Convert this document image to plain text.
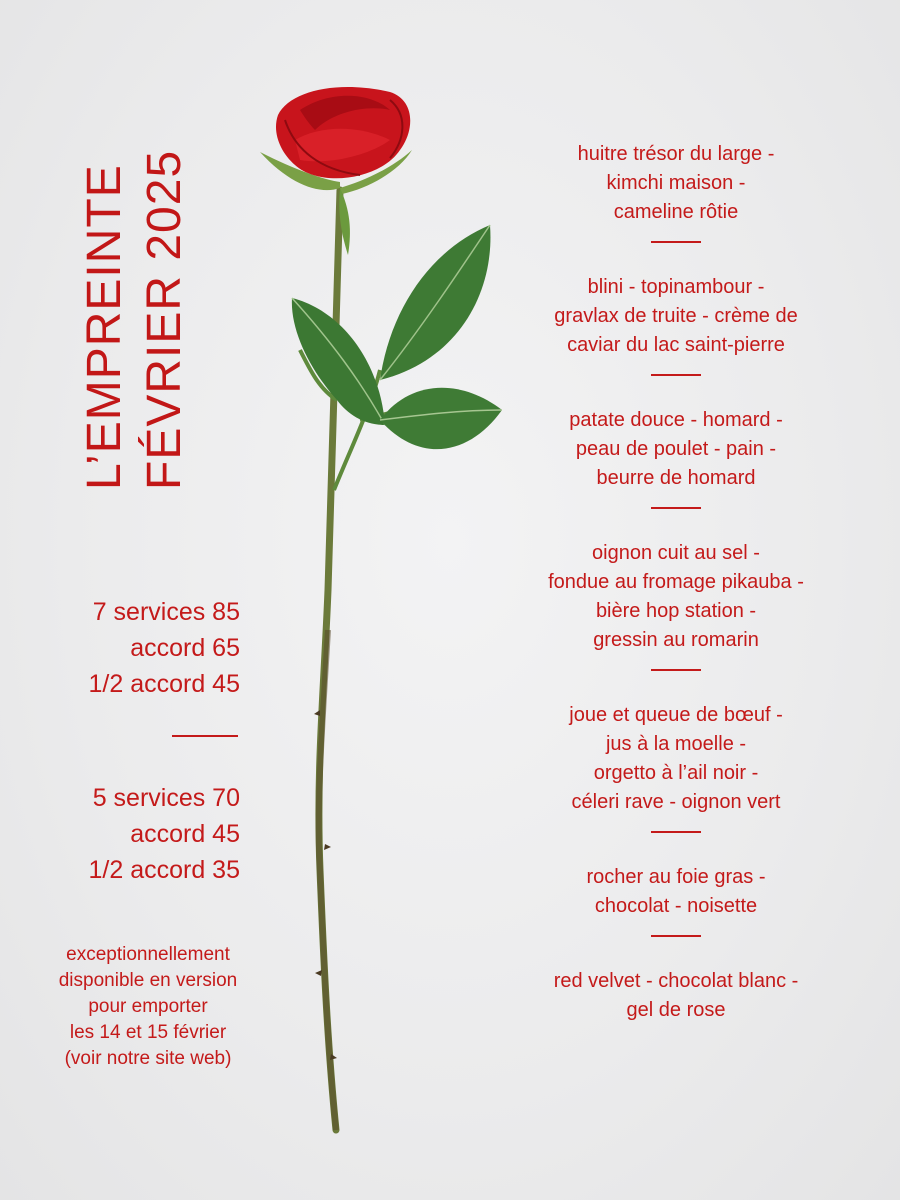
L’EMPREINTE FÉVRIER 2025
7 services 85
accord 65
1/2 accord 45
5 services 70
accord 45
1/2 accord 35
exceptionnellement
disponible en version
pour emporter
les 14 et 15 février
(voir notre site web)
huitre trésor du large -
kimchi maison -
cameline rôtie
blini - topinambour -
gravlax de truite - crème de
caviar du lac saint-pierre
patate douce - homard -
peau de poulet - pain -
beurre de homard
oignon cuit au sel -
fondue au fromage pikauba -
bière hop station -
gressin au romarin
joue et queue de bœuf -
jus à la moelle -
orgetto à l’ail noir -
céleri rave - oignon vert
rocher au foie gras -
chocolat - noisette
red velvet - chocolat blanc -
gel de rose
